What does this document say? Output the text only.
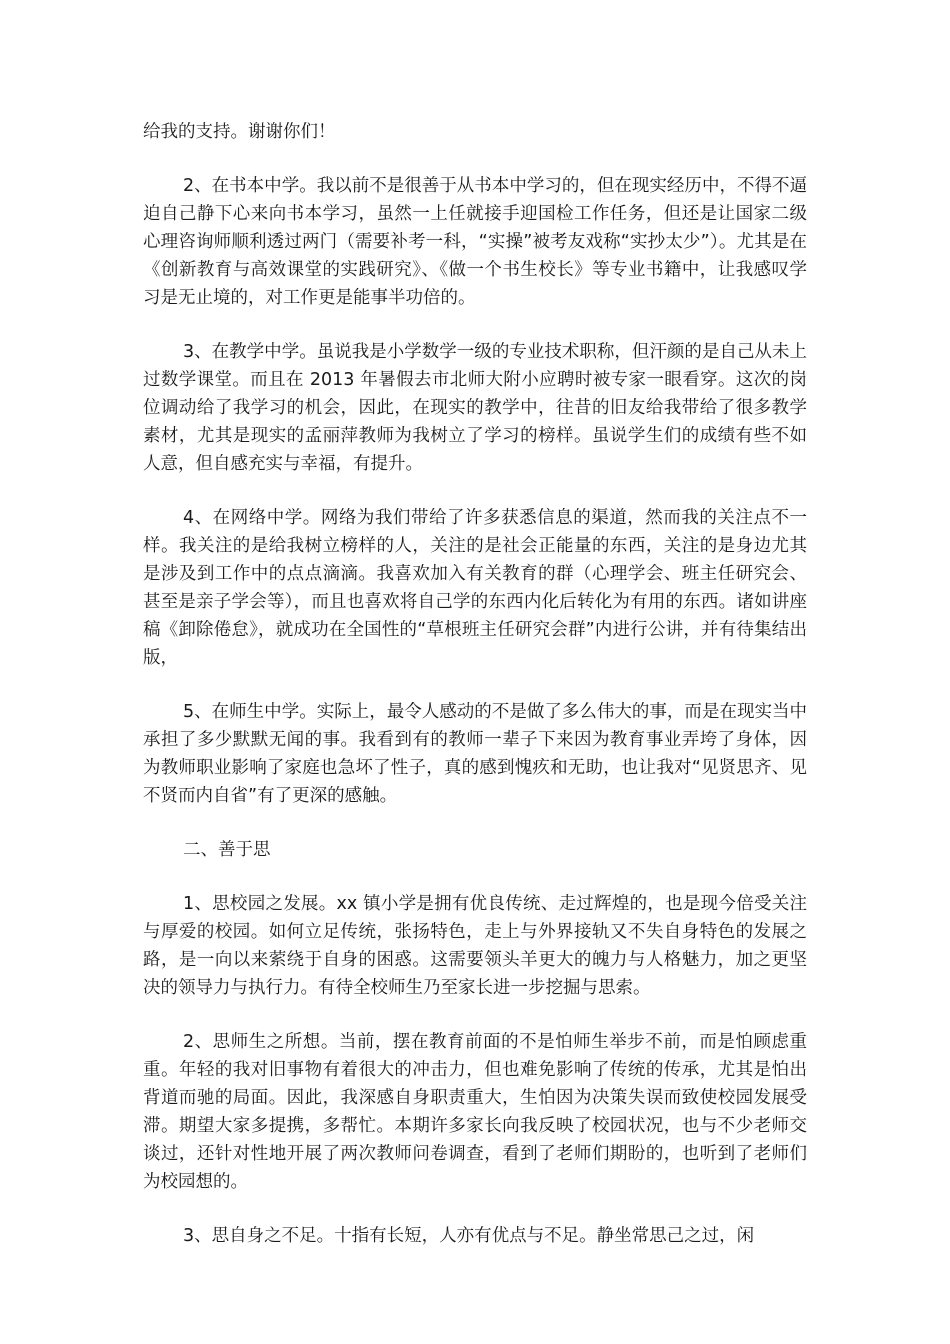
给我的支持。谢谢你们！

2、在书本中学。我以前不是很善于从书本中学习的，但在现实经历中，不得不逼迫自己静下心来向书本学习，虽然一上任就接手迎国检工作任务，但还是让国家二级心理咨询师顺利透过两门（需要补考一科，“实操”被考友戏称“实抄太少”）。尤其是在《创新教育与高效课堂的实践研究》、《做一个书生校长》等专业书籍中，让我感叹学习是无止境的，对工作更是能事半功倍的。

3、在教学中学。虽说我是小学数学一级的专业技术职称，但汗颜的是自己从未上过数学课堂。而且在 2013 年暑假去市北师大附小应聘时被专家一眼看穿。这次的岗位调动给了我学习的机会，因此，在现实的教学中，往昔的旧友给我带给了很多教学素材，尤其是现实的孟丽萍教师为我树立了学习的榜样。虽说学生们的成绩有些不如人意，但自感充实与幸福，有提升。

4、在网络中学。网络为我们带给了许多获悉信息的渠道，然而我的关注点不一样。我关注的是给我树立榜样的人，关注的是社会正能量的东西，关注的是身边尤其是涉及到工作中的点点滴滴。我喜欢加入有关教育的群（心理学会、班主任研究会、甚至是亲子学会等），而且也喜欢将自己学的东西内化后转化为有用的东西。诸如讲座稿《卸除倦怠》，就成功在全国性的“草根班主任研究会群”内进行公讲，并有待集结出版，

5、在师生中学。实际上，最令人感动的不是做了多么伟大的事，而是在现实当中承担了多少默默无闻的事。我看到有的教师一辈子下来因为教育事业弄垮了身体，因为教师职业影响了家庭也急坏了性子，真的感到愧疚和无助，也让我对“见贤思齐、见不贤而内自省”有了更深的感触。

二、善于思

1、思校园之发展。xx 镇小学是拥有优良传统、走过辉煌的，也是现今倍受关注与厚爱的校园。如何立足传统，张扬特色，走上与外界接轨又不失自身特色的发展之路，是一向以来萦绕于自身的困惑。这需要领头羊更大的魄力与人格魅力，加之更坚决的领导力与执行力。有待全校师生乃至家长进一步挖掘与思索。

2、思师生之所想。当前，摆在教育前面的不是怕师生举步不前，而是怕顾虑重重。年轻的我对旧事物有着很大的冲击力，但也难免影响了传统的传承，尤其是怕出背道而驰的局面。因此，我深感自身职责重大，生怕因为决策失误而致使校园发展受滞。期望大家多提携，多帮忙。本期许多家长向我反映了校园状况，也与不少老师交谈过，还针对性地开展了两次教师问卷调查，看到了老师们期盼的，也听到了老师们为校园想的。

3、思自身之不足。十指有长短，人亦有优点与不足。静坐常思己之过，闲
